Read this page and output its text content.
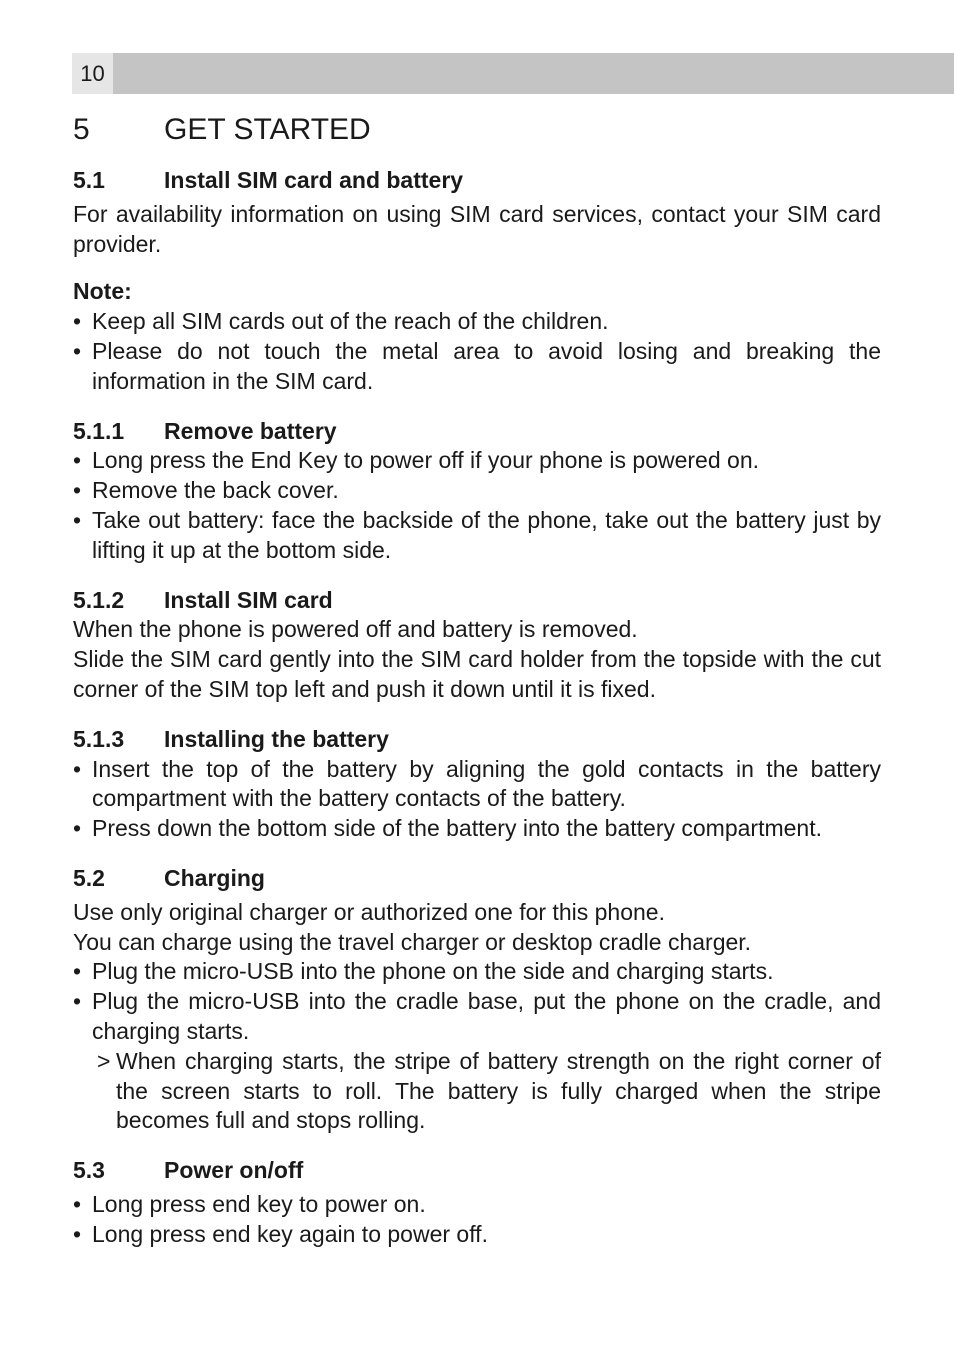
10
5	GET STARTED
5.1	Install SIM card and battery

For availability information on using SIM card services, contact your SIM card provider.

Note:

• Keep all SIM cards out of the reach of the children.
• Please do not touch the metal area to avoid losing and breaking the information in the SIM card.
5.1.1	Remove battery
• Long press the End Key to power off if your phone is powered on.
• Remove the back cover.
• Take out battery: face the backside of the phone, take out the battery just by lifting it up at the bottom side.
5.1.2	Install SIM card

When the phone is powered off and battery is removed.

Slide the SIM card gently into the SIM card holder from the topside with the cut corner of the SIM top left and push it down until it is fixed.

5.1.3	Installing the battery
• Insert the top of the battery by aligning the gold contacts in the battery compartment with the battery contacts of the battery.
• Press down the bottom side of the battery into the battery compartment.
5.2	Charging

Use only original charger or authorized one for this phone.

You can charge using the travel charger or desktop cradle charger.

• Plug the micro-USB into the phone on the side and charging starts.
• Plug the micro-USB into the cradle base, put the phone on the cradle, and charging starts.
> When charging starts, the stripe of battery strength on the right corner of the screen starts to roll. The battery is fully charged when the stripe becomes full and stops rolling.
5.3	Power on/off
• Long press end key to power on.
• Long press end key again to power off.
